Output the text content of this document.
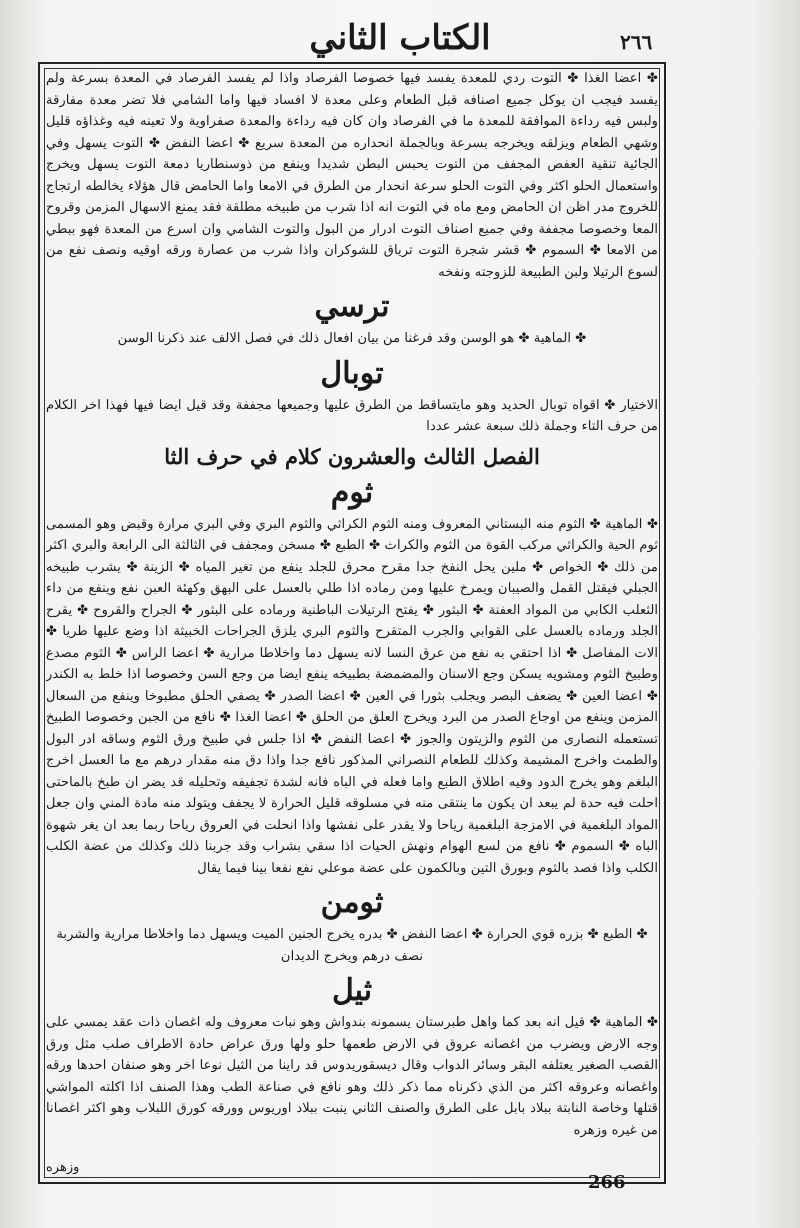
الكتاب الثاني	٢٦٦

✤ اعضا الغذا ✤ التوت ردي للمعدة يفسد فيها خصوصا الفرصاد واذا لم يفسد الفرصاد في المعدة بسرعة ولم يفسد فيجب ان يوكل جميع اصنافه قبل الطعام وعلى معدة لا افساد فيها واما الشامي فلا تضر معدة مفارقة ولبس فيه رداءة الموافقة للمعدة ما في الفرصاد وان كان فيه رداءة والمعدة صفراوية ولا تعينه فيه وغذاؤه قليل وشهي الطعام ويزلقه ويخرجه بسرعة وبالجملة انحداره من المعدة سريع ✤ اعضا النفض ✤ التوت يسهل وفي الجائية تنقية العفص المجفف من التوت يحبس البطن شديدا وينفع من ذوسنطاريا دمعة التوت يسهل ويخرج واستعمال الحلو اكثر وفي التوت الحلو سرعة انحدار من الطرق في الامعا واما الحامض قال هؤلاء يخالطه ارتجاج للخروج مدر اظن ان الحامض ومع ماه في التوت انه اذا شرب من طبيخه مطلقة فقد يمنع الاسهال المزمن وقروح المعا وخصوصا مجففة وفي جميع اصناف التوت ادرار من البول والتوت الشامي وان اسرع من المعدة فهو ببطي من الامعا ✤ السموم ✤ قشر شجرة التوت ترياق للشوكران واذا شرب من عصارة ورقه اوقيه ونصف نفع من لسوع الرتيلا ولبن الطبيعة للزوجته ونفخه

ترسي

✤ الماهية ✤ هو الوسن وقد فرغنا من بيان افعال ذلك في فصل الالف عند ذكرنا الوسن

توبال

الاختيار ✤ اقواه توبال الحديد وهو مايتساقط من الطرق عليها وجميعها مجففة وقد قيل ايضا فيها فهذا اخر الكلام من حرف التاء وجملة ذلك سبعة عشر عددا

الفصل الثالث والعشرون كلام في حرف الثا
ثوم

✤ الماهية ✤ الثوم منه البستاني المعروف ومنه الثوم الكراثي والثوم البري وفي البري مرارة وقبض وهو المسمى ثوم الحية والكراثي مركب القوة من الثوم والكراث ✤ الطبع ✤ مسخن ومجفف في الثالثة الى الرابعة والبري اكثر من ذلك ✤ الخواص ✤ ملين يحل النفخ جدا مقرح محرق للجلد ينفع من تغير المياه ✤ الزينة ✤ يشرب طبيخه الجبلي فيقتل القمل والصيبان ويمرخ عليها ومن رماده اذا طلي بالعسل على البهق وكهئة العبن نفع وينفع من داء الثعلب الكابي من المواد العفنة ✤ البثور ✤ يفتح الرتيلات الباطنية ورماده على البثور ✤ الجراح والقروح ✤ يقرح الجلد ورماده بالعسل على القوابي والجرب المتقرح والثوم البري يلزق الجراحات الخبيثة اذا وضع عليها طريا ✤ الات المفاصل ✤ اذا احتقي به نفع من عرق النسا لانه يسهل دما واخلاطا مرارية ✤ اعضا الراس ✤ الثوم مصدع وطبيخ الثوم ومشويه يسكن وجع الاسنان والمضمضة بطبيخه ينفع ايضا من وجع السن وخصوصا اذا خلط به الكندر ✤ اعضا العين ✤ يضعف البصر ويجلب بثورا في العين ✤ اعضا الصدر ✤ يصفي الحلق مطبوخا وينفع من السعال المزمن وينفع من اوجاع الصدر من البرد ويخرج العلق من الحلق ✤ اعضا الغذا ✤ نافع من الجبن وخصوصا الطبيخ تستعمله النصارى من الثوم والزيتون والجوز ✤ اعضا النفض ✤ اذا جلس في طبيخ ورق الثوم وساقه ادر البول والطمث واخرج المشيمة وكذلك للطعام النصراني المذكور نافع جدا واذا دق منه مقدار درهم مع ما العسل اخرج البلغم وهو يخرج الدود وفيه اطلاق الطبع واما فعله في الباه فانه لشدة تجفيفه وتحليله قد يضر ان طبخ بالماحتى احلت فيه حدة لم يبعد ان يكون ما ينتقى منه في مسلوقه قليل الحرارة لا يجفف ويتولد منه مادة المني وان جعل المواد البلغمية في الامزجة البلغمية رياحا ولا يقدر على نفشها واذا انحلت في العروق رياحا ربما بعد ان يغر شهوة الباه ✤ السموم ✤ نافع من لسع الهوام ونهش الحيات اذا سقي بشراب وقد جربنا ذلك وكذلك من عضة الكلب الكلب واذا فصد بالثوم وبورق التين وبالكمون على عضة موعلي نفع نفعا بينا فيما يقال

ثومن

✤ الطبع ✤ بزره قوي الحرارة ✤ اعضا النفض ✤ بدره يخرج الجنين الميت ويسهل دما واخلاطا مرارية والشربة نصف درهم ويخرج الديدان

ثيل

✤ الماهية ✤ قيل انه بعد كما واهل طبرستان يسمونه بندواش وهو نبات معروف وله اغصان ذات عقد يمسي على وجه الارض ويضرب من اغصانه عروق في الارض طعمها حلو ولها ورق عراض حادة الاطراف صلب مثل ورق القصب الصغير يعتلفه البقر وسائر الدواب وقال ديسقوريدوس قد راينا من الثيل نوعا اخر وهو صنفان احدها ورقه واغصانه وعروقه اكثر من الذي ذكرناه مما ذكر ذلك وهو نافع في صناعة الطب وهذا الصنف اذا اكلته المواشي قتلها وخاصة النابتة ببلاد بابل على الطرق والصنف الثاني ينبت ببلاد اوريوس وورقه كورق اللبلاب وهو اكثر اغصانا من غيره وزهره

وزهره
266
